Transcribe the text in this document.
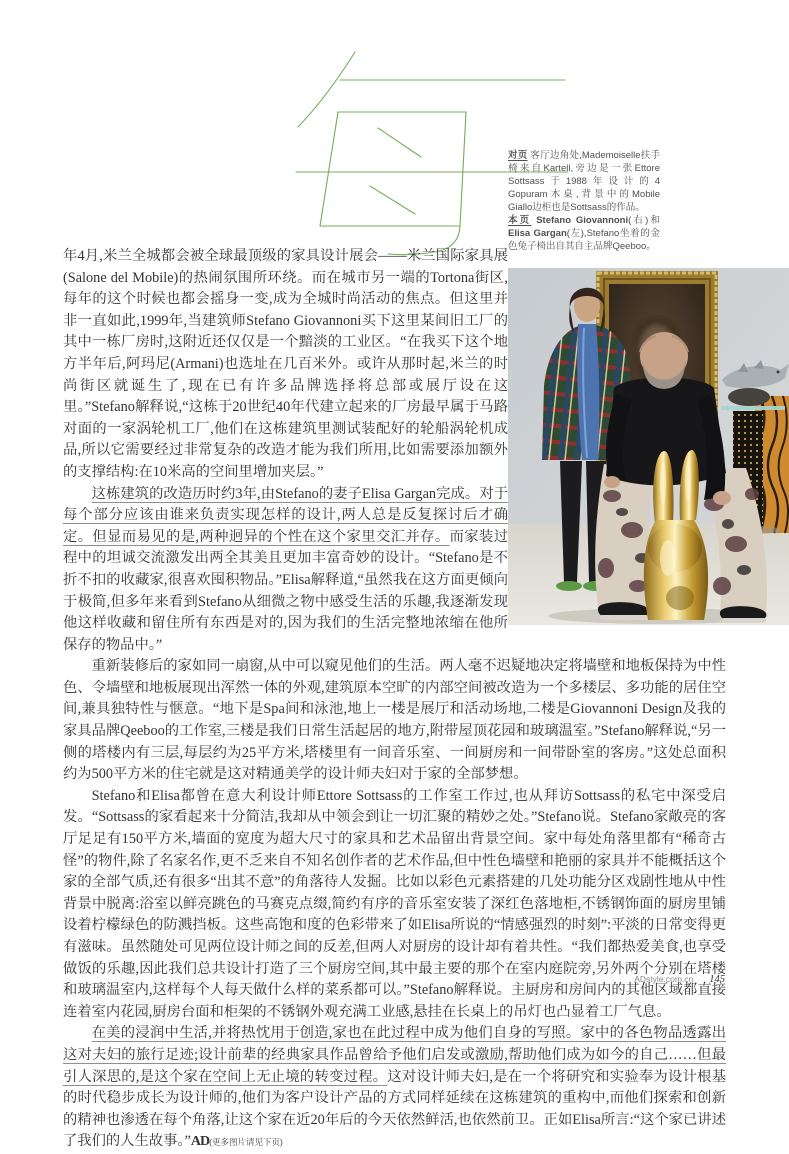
对页 客厅边角处,Mademoiselle扶手椅来自Kartell,旁边是一张Ettore Sottsass于1988年设计的4 Gopuram木桌,背景中的Mobile Giallo边柜也是Sottsass的作品。

本页 Stefano Giovannoni(右)和Elisa Gargan(左),Stefano坐着的金色兔子椅出自其自主品牌Qeeboo。

年4月,米兰全城都会被全球最顶级的家具设计展会——米兰国际家具展(Salone del Mobile)的热闹氛围所环绕。而在城市另一端的Tortona街区,每年的这个时候也都会摇身一变,成为全城时尚活动的焦点。但这里并非一直如此,1999年,当建筑师Stefano Giovannoni买下这里某间旧工厂的其中一栋厂房时,这附近还仅仅是一个黯淡的工业区。“在我买下这个地方半年后,阿玛尼(Armani)也选址在几百米外。或许从那时起,米兰的时尚街区就诞生了,现在已有许多品牌选择将总部或展厅设在这里。”Stefano解释说,“这栋于20世纪40年代建立起来的厂房最早属于马路对面的一家涡轮机工厂,他们在这栋建筑里测试装配好的轮船涡轮机成品,所以它需要经过非常复杂的改造才能为我们所用,比如需要添加额外的支撑结构:在10米高的空间里增加夹层。”

这栋建筑的改造历时约3年,由Stefano的妻子Elisa Gargan完成。对于每个部分应该由谁来负责实现怎样的设计,两人总是反复探讨后才确定。但显而易见的是,两种迥异的个性在这个家里交汇并存。而家装过程中的坦诚交流激发出两全其美且更加丰富奇妙的设计。“Stefano是不折不扣的收藏家,很喜欢囤积物品。”Elisa解释道,“虽然我在这方面更倾向于极简,但多年来看到Stefano从细微之物中感受生活的乐趣,我逐渐发现他这样收藏和留住所有东西是对的,因为我们的生活完整地浓缩在他所保存的物品中。”

重新装修后的家如同一扇窗,从中可以窥见他们的生活。两人毫不迟疑地决定将墙壁和地板保持为中性色、令墙壁和地板展现出浑然一体的外观,建筑原本空旷的内部空间被改造为一个多楼层、多功能的居住空间,兼具独特性与惬意。“地下是Spa间和泳池,地上一楼是展厅和活动场地,二楼是Giovannoni Design及我的家具品牌Qeeboo的工作室,三楼是我们日常生活起居的地方,附带屋顶花园和玻璃温室。”Stefano解释说,“另一侧的塔楼内有三层,每层约为25平方米,塔楼里有一间音乐室、一间厨房和一间带卧室的客房。”这处总面积约为500平方米的住宅就是这对精通美学的设计师夫妇对于家的全部梦想。

Stefano和Elisa都曾在意大利设计师Ettore Sottsass的工作室工作过,也从拜访Sottsass的私宅中深受启发。“Sottsass的家看起来十分简洁,我却从中领会到让一切汇聚的精妙之处。”Stefano说。Stefano家敞亮的客厅足足有150平方米,墙面的宽度为超大尺寸的家具和艺术品留出背景空间。家中每处角落里都有“稀奇古怪”的物件,除了名家名作,更不乏来自不知名创作者的艺术作品,但中性色墙壁和艳丽的家具并不能概括这个家的全部气质,还有很多“出其不意”的角落待人发掘。比如以彩色元素搭建的几处功能分区戏剧性地从中性背景中脱离:浴室以鲜亮跳色的马赛克点缀,简约有序的音乐室安装了深红色落地柜,不锈钢饰面的厨房里铺设着柠檬绿色的防溅挡板。这些高饱和度的色彩带来了如Elisa所说的“情感强烈的时刻”:平淡的日常变得更有滋味。虽然随处可见两位设计师之间的反差,但两人对厨房的设计却有着共性。“我们都热爱美食,也享受做饭的乐趣,因此我们总共设计打造了三个厨房空间,其中最主要的那个在室内庭院旁,另外两个分别在塔楼和玻璃温室内,这样每个人每天做什么样的菜系都可以。”Stefano解释说。主厨房和房间内的其他区域都直接连着室内花园,厨房台面和柜架的不锈钢外观充满工业感,悬挂在长桌上的吊灯也凸显着工厂气息。

在美的浸润中生活,并将热忱用于创造,家也在此过程中成为他们自身的写照。家中的各色物品透露出这对夫妇的旅行足迹;设计前辈的经典家具作品曾给予他们启发或激励,帮助他们成为如今的自己……但最引人深思的,是这个家在空间上无止境的转变过程。这对设计师夫妇,是在一个将研究和实验奉为设计根基的时代稳步成长为设计师的,他们为客户设计产品的方式同样延续在这栋建筑的重构中,而他们探索和创新的精神也渗透在每个角落,让这个家在近20年后的今天依然鲜活,也依然前卫。正如Elisa所言:“这个家已讲述了我们的人生故事。”AD(更多图片请见下页)

ADstyle.com.cn 145
